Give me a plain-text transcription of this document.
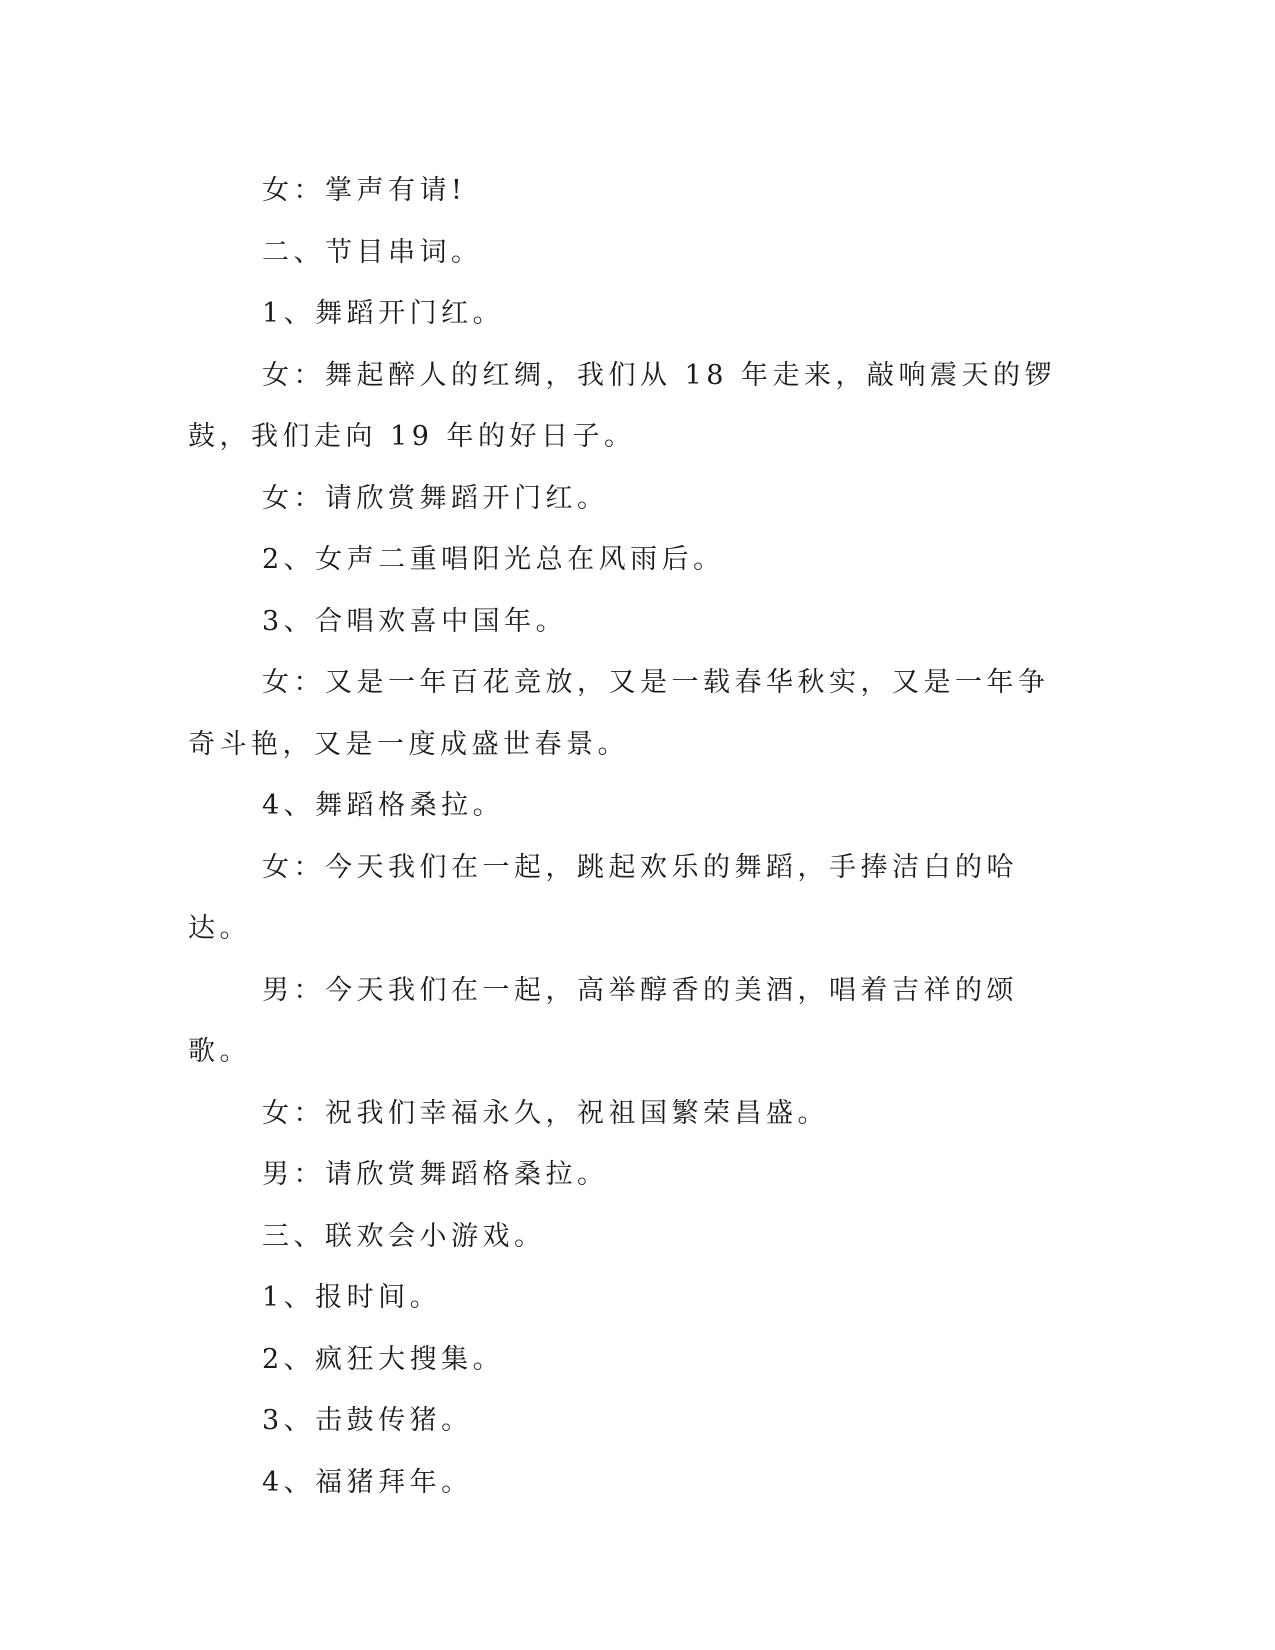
女：掌声有请!

二、节目串词。

1、舞蹈开门红。

女：舞起醉人的红绸，我们从 18 年走来，敲响震天的锣鼓，我们走向 19 年的好日子。

女：请欣赏舞蹈开门红。

2、女声二重唱阳光总在风雨后。

3、合唱欢喜中国年。

女：又是一年百花竞放，又是一载春华秋实，又是一年争奇斗艳，又是一度成盛世春景。

4、舞蹈格桑拉。

女：今天我们在一起，跳起欢乐的舞蹈，手捧洁白的哈达。

男：今天我们在一起，高举醇香的美酒，唱着吉祥的颂歌。

女：祝我们幸福永久，祝祖国繁荣昌盛。

男：请欣赏舞蹈格桑拉。

三、联欢会小游戏。

1、报时间。

2、疯狂大搜集。

3、击鼓传猪。

4、福猪拜年。
